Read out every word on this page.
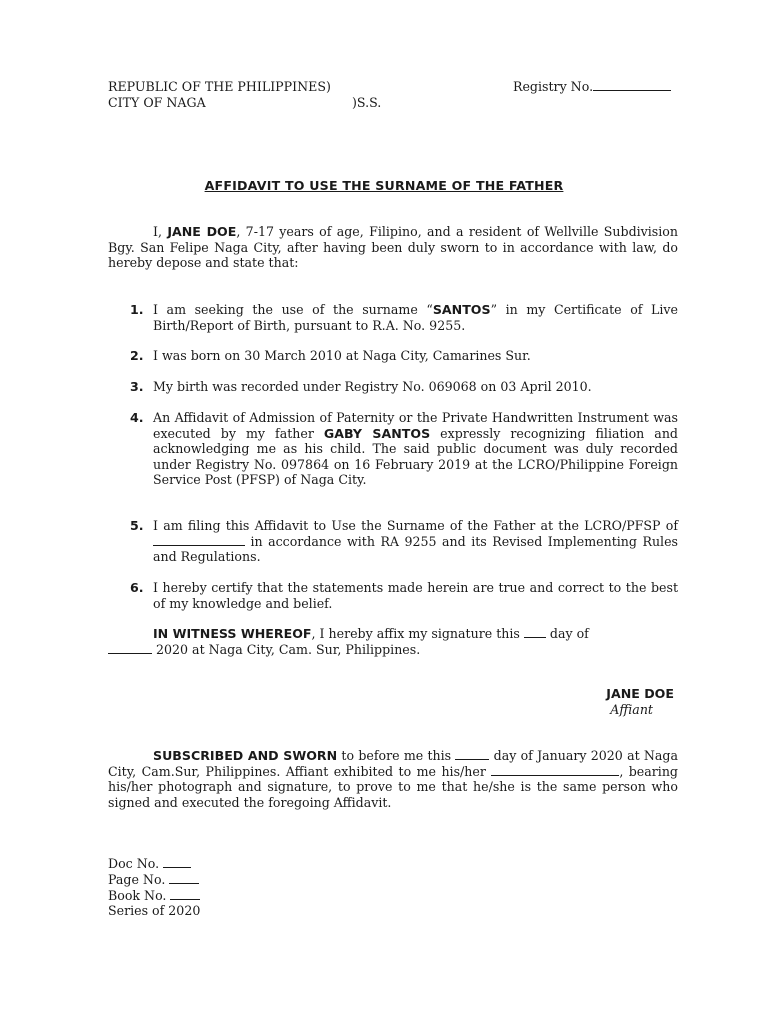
REPUBLIC OF THE PHILIPPINES)
CITY OF NAGA	)S.S.
Registry No.
AFFIDAVIT TO USE THE SURNAME OF THE FATHER
I, JANE DOE, 7-17 years of age, Filipino, and a resident of Wellville Subdivision Bgy. San Felipe Naga City, after having been duly sworn to in accordance with law, do hereby depose and state that:
1. I am seeking the use of the surname “SANTOS” in my Certificate of Live Birth/Report of Birth, pursuant to R.A. No. 9255.
2. I was born on 30 March 2010 at Naga City, Camarines Sur.
3. My birth was recorded under Registry No. 069068 on 03 April 2010.
4. An Affidavit of Admission of Paternity or the Private Handwritten Instrument was executed by my father GABY SANTOS expressly recognizing filiation and acknowledging me as his child. The said public document was duly recorded under Registry No. 097864 on 16 February 2019 at the LCRO/Philippine Foreign Service Post (PFSP) of Naga City.
5. I am filing this Affidavit to Use the Surname of the Father at the LCRO/PFSP of  in accordance with RA 9255 and its Revised Implementing Rules and Regulations.
6. I hereby certify that the statements made herein are true and correct to the best of my knowledge and belief.
IN WITNESS WHEREOF, I hereby affix my signature this  day of
2020 at Naga City, Cam. Sur, Philippines.
JANE DOE
Affiant
SUBSCRIBED AND SWORN to before me this	day of January 2020 at Naga City, Cam.Sur, Philippines. Affiant exhibited to me his/her	, bearing his/her photograph and signature, to prove to me that he/she is the same person who signed and executed the foregoing Affidavit.
Doc No.
Page No.
Book No.
Series of 2020
